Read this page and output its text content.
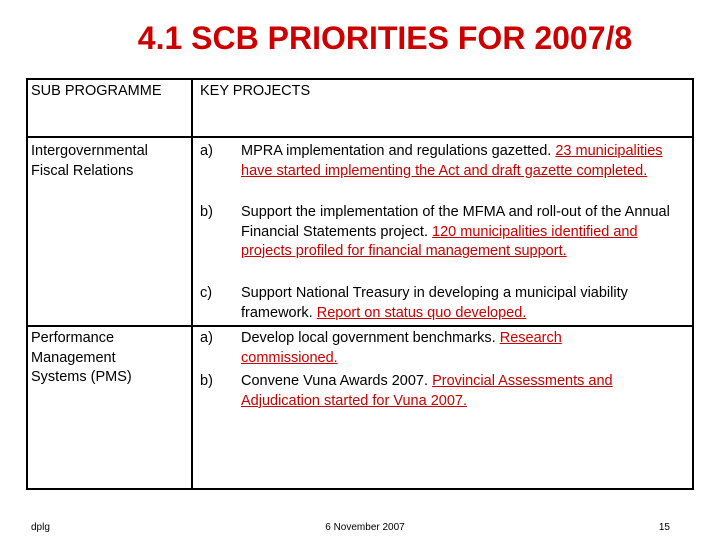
4.1 SCB PRIORITIES FOR 2007/8
SUB PROGRAMME	KEY PROJECTS
Intergovernmental Fiscal Relations
a)	MPRA implementation and regulations gazetted. 23 municipalities have started implementing the Act and draft gazette completed.
b)	Support the implementation of the MFMA and roll-out of the Annual Financial Statements project. 120 municipalities identified and projects profiled for financial management support.
c)	Support National Treasury in developing a municipal viability framework. Report on status quo developed.
Performance Management Systems (PMS)
a)	Develop local government benchmarks. Research commissioned.
b)	Convene Vuna Awards 2007. Provincial Assessments and Adjudication started for Vuna 2007.
dplg	6 November 2007	15
